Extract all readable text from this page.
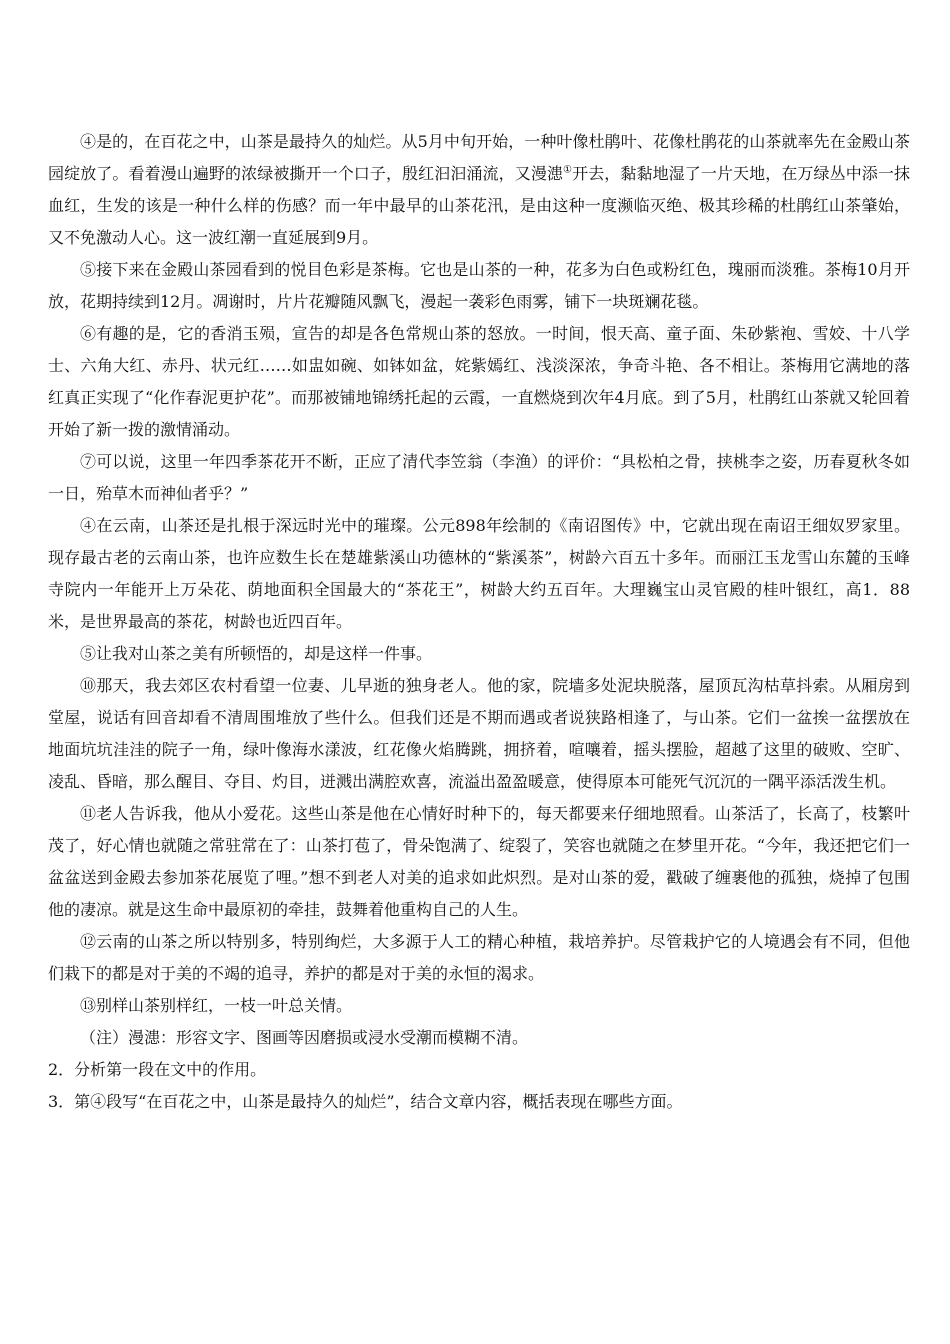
④是的，在百花之中，山茶是最持久的灿烂。从5月中旬开始，一种叶像杜鹃叶、花像杜鹃花的山茶就率先在金殿山茶园绽放了。看着漫山遍野的浓绿被撕开一个口子，殷红汩汩涌流，又漫漶①开去，黏黏地湿了一片天地，在万绿丛中添一抹血红，生发的该是一种什么样的伤感？而一年中最早的山茶花汛，是由这种一度濒临灭绝、极其珍稀的杜鹃红山茶肇始，又不免激动人心。这一波红潮一直延展到9月。

⑤接下来在金殿山茶园看到的悦目色彩是茶梅。它也是山茶的一种，花多为白色或粉红色，瑰丽而淡雅。茶梅10月开放，花期持续到12月。凋谢时，片片花瓣随风飘飞，漫起一袭彩色雨雾，铺下一块斑斓花毯。

⑥有趣的是，它的香消玉殒，宣告的却是各色常规山茶的怒放。一时间，恨天高、童子面、朱砂紫袍、雪姣、十八学士、六角大红、赤丹、状元红……如盅如碗、如钵如盆，姹紫嫣红、浅淡深浓，争奇斗艳、各不相让。茶梅用它满地的落红真正实现了“化作春泥更护花”。而那被铺地锦绣托起的云霞，一直燃烧到次年4月底。到了5月，杜鹃红山茶就又轮回着开始了新一拨的激情涌动。

⑦可以说，这里一年四季茶花开不断，正应了清代李笠翁（李渔）的评价：“具松柏之骨，挟桃李之姿，历春夏秋冬如一日，殆草木而神仙者乎？”

④在云南，山茶还是扎根于深远时光中的璀璨。公元898年绘制的《南诏图传》中，它就出现在南诏王细奴罗家里。现存最古老的云南山茶，也许应数生长在楚雄紫溪山功德林的“紫溪茶”，树龄六百五十多年。而丽江玉龙雪山东麓的玉峰寺院内一年能开上万朵花、荫地面积全国最大的“茶花王”，树龄大约五百年。大理巍宝山灵官殿的桂叶银红，高1．88米，是世界最高的茶花，树龄也近四百年。

⑤让我对山茶之美有所顿悟的，却是这样一件事。

⑩那天，我去郊区农村看望一位妻、儿早逝的独身老人。他的家，院墙多处泥块脱落，屋顶瓦沟枯草抖索。从厢房到堂屋，说话有回音却看不清周围堆放了些什么。但我们还是不期而遇或者说狭路相逢了，与山茶。它们一盆挨一盆摆放在地面坑坑洼洼的院子一角，绿叶像海水漾波，红花像火焰腾跳，拥挤着，喧嚷着，摇头摆脸，超越了这里的破败、空旷、凌乱、昏暗，那么醒目、夺目、灼目，迸溅出满腔欢喜，流溢出盈盈暖意，使得原本可能死气沉沉的一隅平添活泼生机。

⑪老人告诉我，他从小爱花。这些山茶是他在心情好时种下的，每天都要来仔细地照看。山茶活了，长高了，枝繁叶茂了，好心情也就随之常驻常在了：山茶打苞了，骨朵饱满了、绽裂了，笑容也就随之在梦里开花。“今年，我还把它们一盆盆送到金殿去参加茶花展览了哩。”想不到老人对美的追求如此炽烈。是对山茶的爱，戳破了缠裹他的孤独，烧掉了包围他的凄凉。就是这生命中最原初的牵挂，鼓舞着他重构自己的人生。

⑫云南的山茶之所以特别多，特别绚烂，大多源于人工的精心种植，栽培养护。尽管栽护它的人境遇会有不同，但他们栽下的都是对于美的不竭的追寻，养护的都是对于美的永恒的渴求。

⑬别样山茶别样红，一枝一叶总关情。

（注）漫漶：形容文字、图画等因磨损或浸水受潮而模糊不清。

2．分析第一段在文中的作用。

3．第④段写“在百花之中，山茶是最持久的灿烂”，结合文章内容，概括表现在哪些方面。
